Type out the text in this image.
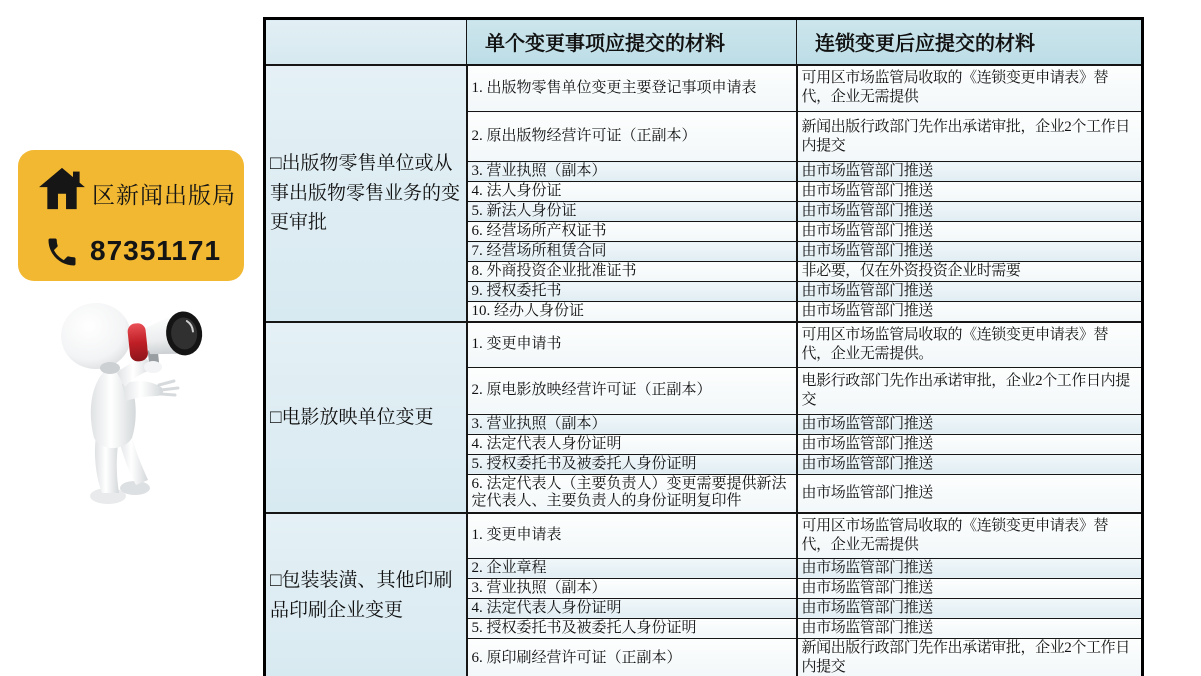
区新闻出版局
87351171
	单个变更事项应提交的材料	连锁变更后应提交的材料
□出版物零售单位或从事出版物零售业务的变更审批	1. 出版物零售单位变更主要登记事项申请表	可用区市场监管局收取的《连锁变更申请表》替代，企业无需提供
	2. 原出版物经营许可证（正副本）	新闻出版行政部门先作出承诺审批，企业2个工作日内提交
	3. 营业执照（副本）	由市场监管部门推送
	4. 法人身份证	由市场监管部门推送
	5. 新法人身份证	由市场监管部门推送
	6. 经营场所产权证书	由市场监管部门推送
	7. 经营场所租赁合同	由市场监管部门推送
	8. 外商投资企业批准证书	非必要，仅在外资投资企业时需要
	9. 授权委托书	由市场监管部门推送
	10. 经办人身份证	由市场监管部门推送
□电影放映单位变更	1. 变更申请书	可用区市场监管局收取的《连锁变更申请表》替代，企业无需提供。
	2. 原电影放映经营许可证（正副本）	电影行政部门先作出承诺审批，企业2个工作日内提交
	3. 营业执照（副本）	由市场监管部门推送
	4. 法定代表人身份证明	由市场监管部门推送
	5. 授权委托书及被委托人身份证明	由市场监管部门推送
	6. 法定代表人（主要负责人）变更需要提供新法定代表人、主要负责人的身份证明复印件	由市场监管部门推送
□包装装潢、其他印刷品印刷企业变更	1. 变更申请表	可用区市场监管局收取的《连锁变更申请表》替代，企业无需提供
	2. 企业章程	由市场监管部门推送
	3. 营业执照（副本）	由市场监管部门推送
	4. 法定代表人身份证明	由市场监管部门推送
	5. 授权委托书及被委托人身份证明	由市场监管部门推送
	6. 原印刷经营许可证（正副本）	新闻出版行政部门先作出承诺审批，企业2个工作日内提交
